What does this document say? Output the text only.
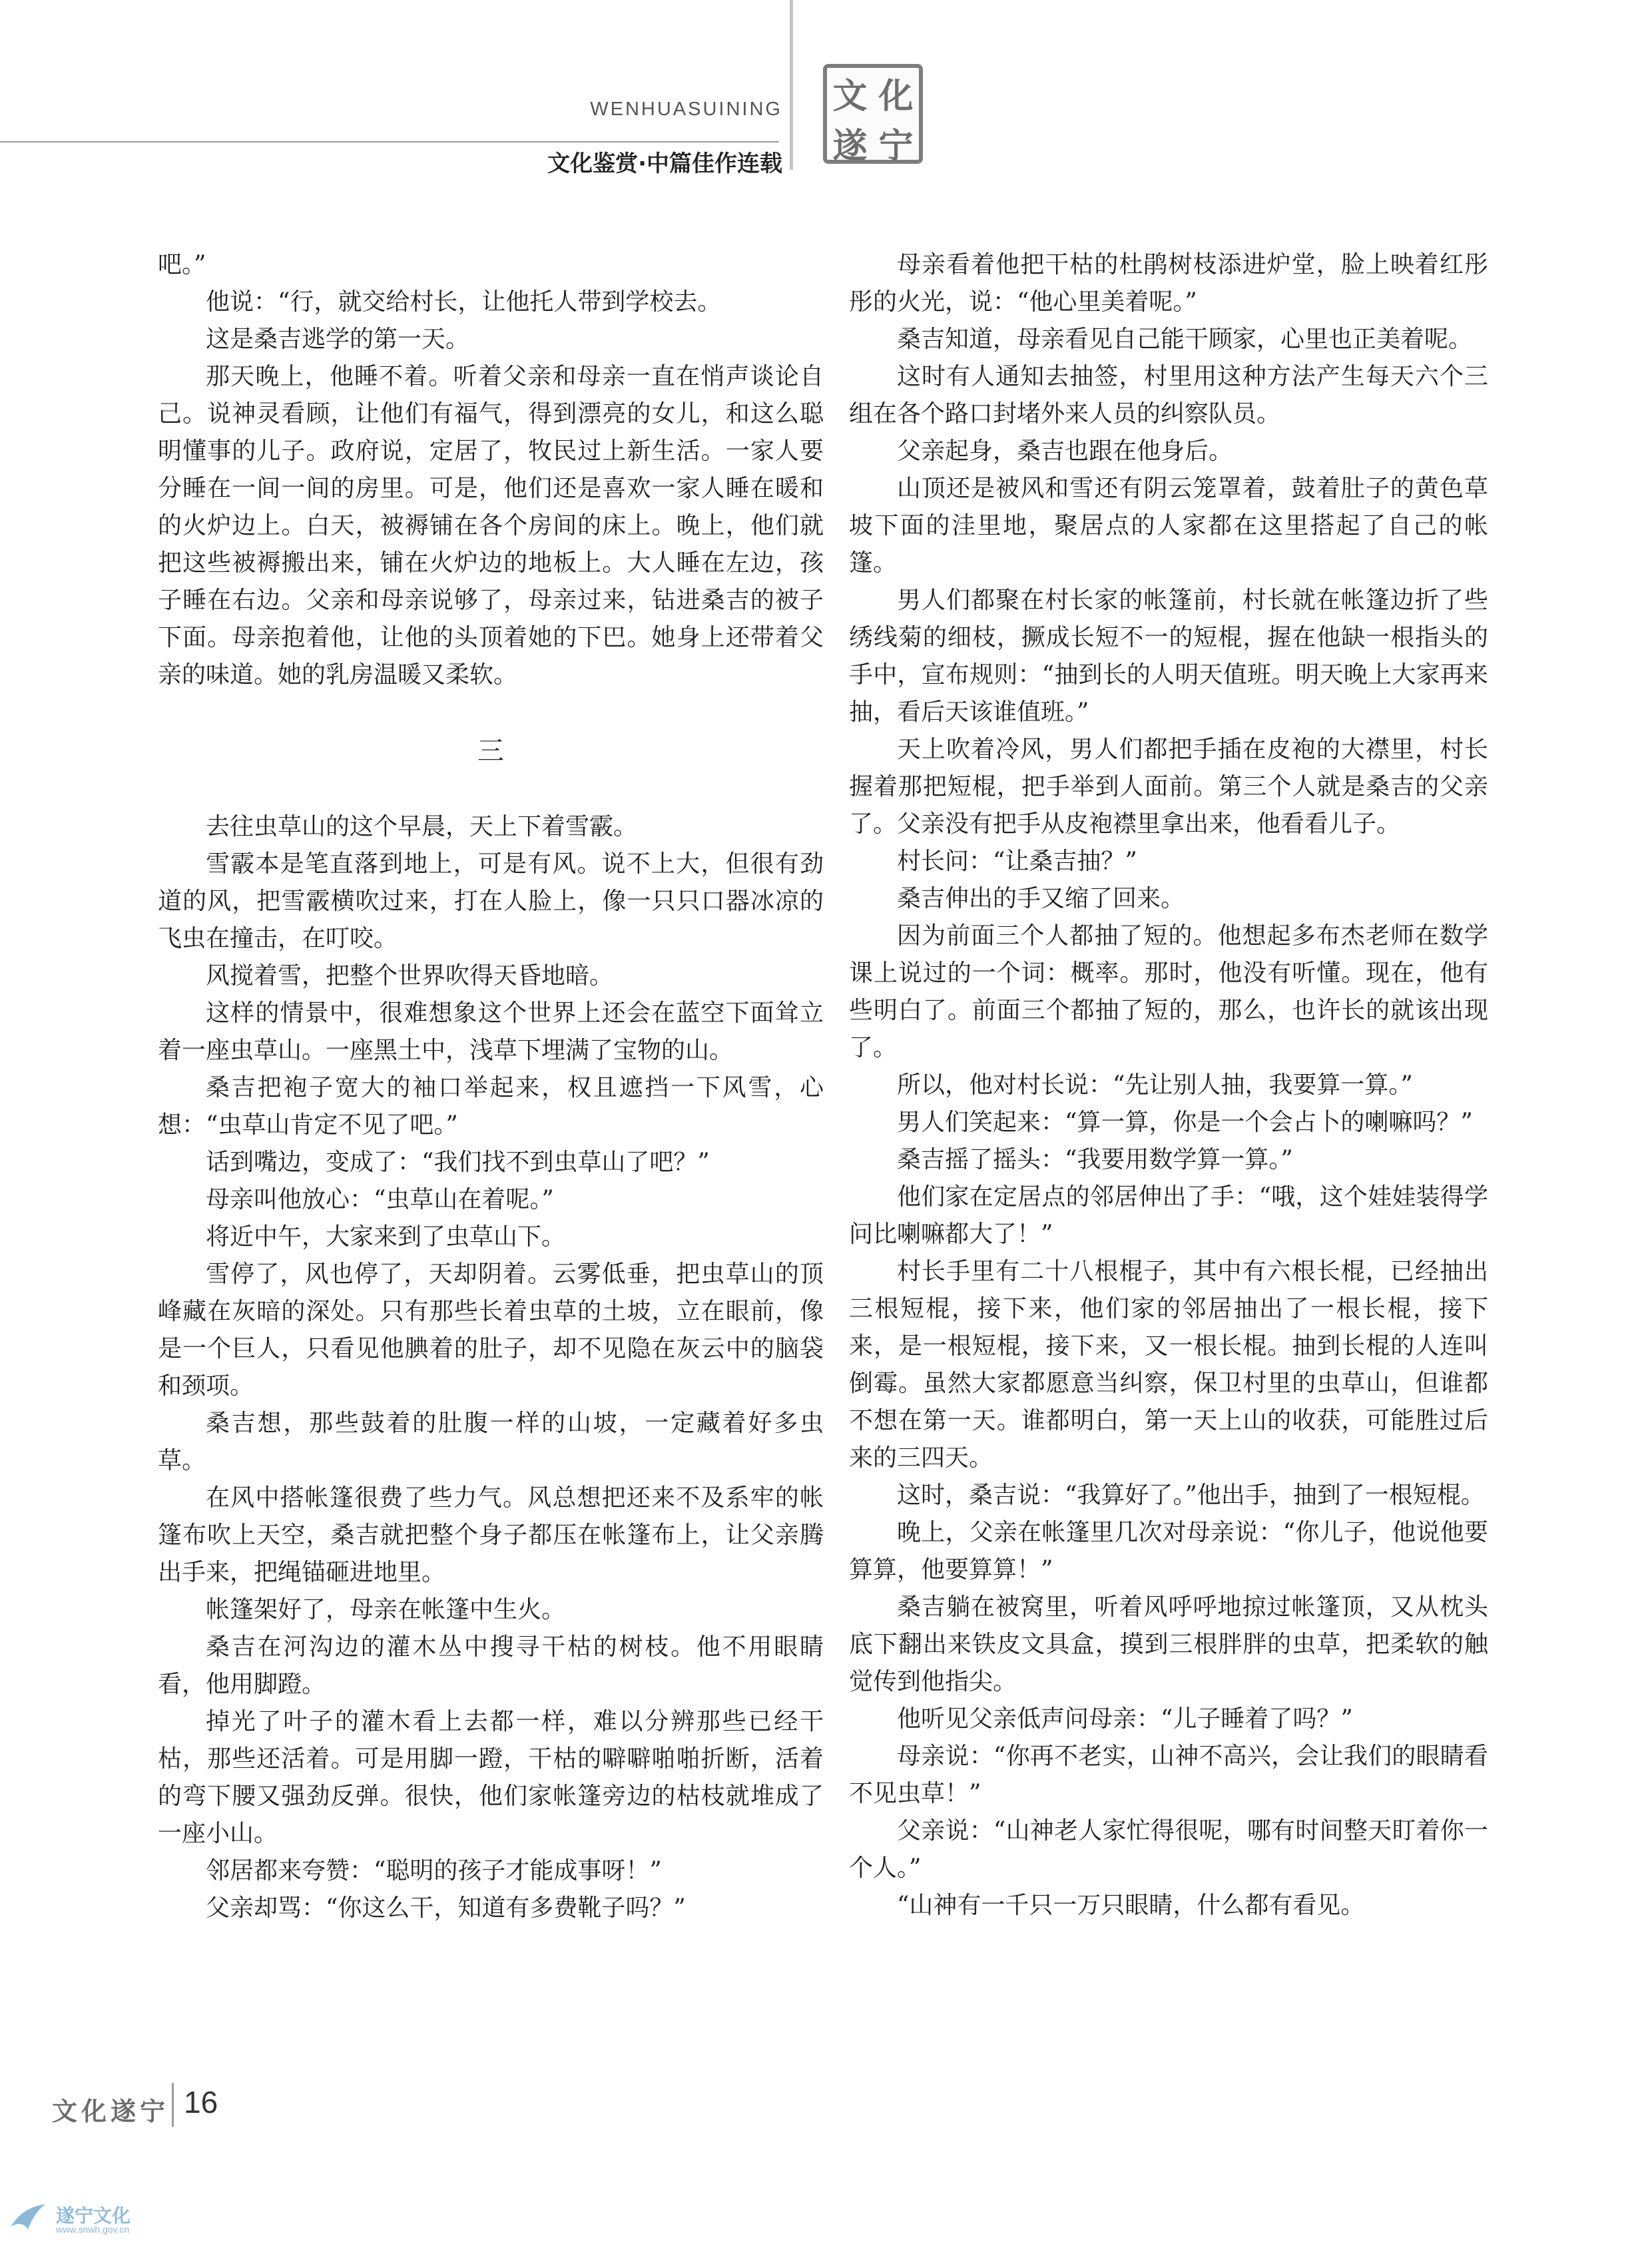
WENHUASUINING
文化鉴赏·中篇佳作连载
文 化
遂 宁

吧。”

他说：“行，就交给村长，让他托人带到学校去。

这是桑吉逃学的第一天。

那天晚上，他睡不着。听着父亲和母亲一直在悄声谈论自己。说神灵看顾，让他们有福气，得到漂亮的女儿，和这么聪明懂事的儿子。政府说，定居了，牧民过上新生活。一家人要分睡在一间一间的房里。可是，他们还是喜欢一家人睡在暖和的火炉边上。白天，被褥铺在各个房间的床上。晚上，他们就把这些被褥搬出来，铺在火炉边的地板上。大人睡在左边，孩子睡在右边。父亲和母亲说够了，母亲过来，钻进桑吉的被子下面。母亲抱着他，让他的头顶着她的下巴。她身上还带着父亲的味道。她的乳房温暖又柔软。

三

去往虫草山的这个早晨，天上下着雪霰。

雪霰本是笔直落到地上，可是有风。说不上大，但很有劲道的风，把雪霰横吹过来，打在人脸上，像一只只口器冰凉的飞虫在撞击，在叮咬。

风搅着雪，把整个世界吹得天昏地暗。

这样的情景中，很难想象这个世界上还会在蓝空下面耸立着一座虫草山。一座黑土中，浅草下埋满了宝物的山。

桑吉把袍子宽大的袖口举起来，权且遮挡一下风雪，心想：“虫草山肯定不见了吧。”

话到嘴边，变成了：“我们找不到虫草山了吧？”

母亲叫他放心：“虫草山在着呢。”

将近中午，大家来到了虫草山下。

雪停了，风也停了，天却阴着。云雾低垂，把虫草山的顶峰藏在灰暗的深处。只有那些长着虫草的土坡，立在眼前，像是一个巨人，只看见他腆着的肚子，却不见隐在灰云中的脑袋和颈项。

桑吉想，那些鼓着的肚腹一样的山坡，一定藏着好多虫草。

在风中搭帐篷很费了些力气。风总想把还来不及系牢的帐篷布吹上天空，桑吉就把整个身子都压在帐篷布上，让父亲腾出手来，把绳锚砸进地里。

帐篷架好了，母亲在帐篷中生火。

桑吉在河沟边的灌木丛中搜寻干枯的树枝。他不用眼睛看，他用脚蹬。

掉光了叶子的灌木看上去都一样，难以分辨那些已经干枯，那些还活着。可是用脚一蹬，干枯的噼噼啪啪折断，活着的弯下腰又强劲反弹。很快，他们家帐篷旁边的枯枝就堆成了一座小山。

邻居都来夸赞：“聪明的孩子才能成事呀！”

父亲却骂：“你这么干，知道有多费靴子吗？”

母亲看着他把干枯的杜鹃树枝添进炉堂，脸上映着红彤彤的火光，说：“他心里美着呢。”

桑吉知道，母亲看见自己能干顾家，心里也正美着呢。

这时有人通知去抽签，村里用这种方法产生每天六个三组在各个路口封堵外来人员的纠察队员。

父亲起身，桑吉也跟在他身后。

山顶还是被风和雪还有阴云笼罩着，鼓着肚子的黄色草坡下面的洼里地，聚居点的人家都在这里搭起了自己的帐篷。

男人们都聚在村长家的帐篷前，村长就在帐篷边折了些绣线菊的细枝，撅成长短不一的短棍，握在他缺一根指头的手中，宣布规则：“抽到长的人明天值班。明天晚上大家再来抽，看后天该谁值班。”

天上吹着冷风，男人们都把手插在皮袍的大襟里，村长握着那把短棍，把手举到人面前。第三个人就是桑吉的父亲了。父亲没有把手从皮袍襟里拿出来，他看看儿子。

村长问：“让桑吉抽？”

桑吉伸出的手又缩了回来。

因为前面三个人都抽了短的。他想起多布杰老师在数学课上说过的一个词：概率。那时，他没有听懂。现在，他有些明白了。前面三个都抽了短的，那么，也许长的就该出现了。

所以，他对村长说：“先让别人抽，我要算一算。”

男人们笑起来：“算一算，你是一个会占卜的喇嘛吗？”

桑吉摇了摇头：“我要用数学算一算。”

他们家在定居点的邻居伸出了手：“哦，这个娃娃装得学问比喇嘛都大了！”

村长手里有二十八根棍子，其中有六根长棍，已经抽出三根短棍，接下来，他们家的邻居抽出了一根长棍，接下来，是一根短棍，接下来，又一根长棍。抽到长棍的人连叫倒霉。虽然大家都愿意当纠察，保卫村里的虫草山，但谁都不想在第一天。谁都明白，第一天上山的收获，可能胜过后来的三四天。

这时，桑吉说：“我算好了。”他出手，抽到了一根短棍。

晚上，父亲在帐篷里几次对母亲说：“你儿子，他说他要算算，他要算算！”

桑吉躺在被窝里，听着风呼呼地掠过帐篷顶，又从枕头底下翻出来铁皮文具盒，摸到三根胖胖的虫草，把柔软的触觉传到他指尖。

他听见父亲低声问母亲：“儿子睡着了吗？”

母亲说：“你再不老实，山神不高兴，会让我们的眼睛看不见虫草！”

父亲说：“山神老人家忙得很呢，哪有时间整天盯着你一个人。”

“山神有一千只一万只眼睛，什么都有看见。

文化遂宁 16
遂宁文化
www.snwh.gov.cn
